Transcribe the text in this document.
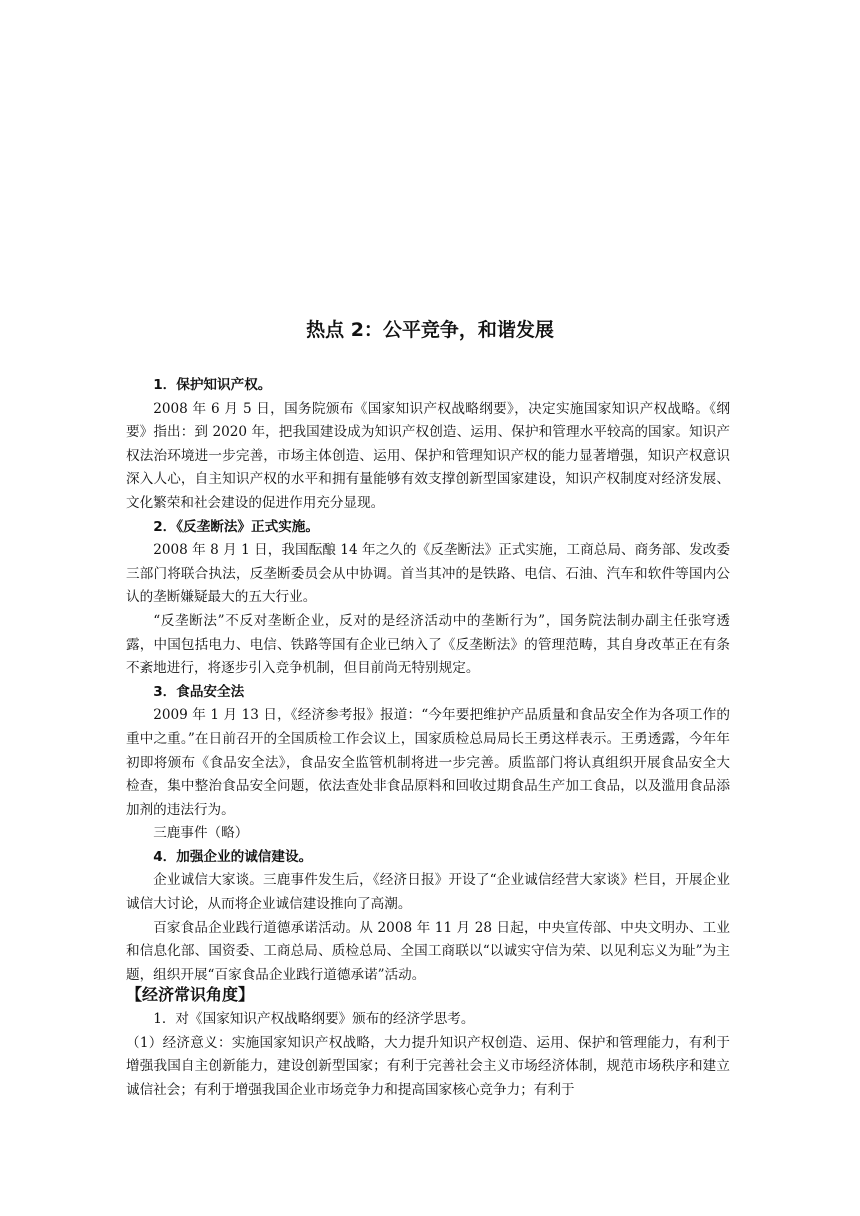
热点 2：公平竞争，和谐发展

1．保护知识产权。

2008 年 6 月 5 日，国务院颁布《国家知识产权战略纲要》，决定实施国家知识产权战略。《纲要》指出：到 2020 年，把我国建设成为知识产权创造、运用、保护和管理水平较高的国家。知识产权法治环境进一步完善，市场主体创造、运用、保护和管理知识产权的能力显著增强，知识产权意识深入人心，自主知识产权的水平和拥有量能够有效支撑创新型国家建设，知识产权制度对经济发展、文化繁荣和社会建设的促进作用充分显现。

2．《反垄断法》正式实施。

2008 年 8 月 1 日，我国酝酿 14 年之久的《反垄断法》正式实施，工商总局、商务部、发改委三部门将联合执法，反垄断委员会从中协调。首当其冲的是铁路、电信、石油、汽车和软件等国内公认的垄断嫌疑最大的五大行业。

“反垄断法”不反对垄断企业，反对的是经济活动中的垄断行为”，国务院法制办副主任张穹透露，中国包括电力、电信、铁路等国有企业已纳入了《反垄断法》的管理范畴，其自身改革正在有条不紊地进行，将逐步引入竞争机制，但目前尚无特别规定。

3．食品安全法

2009 年 1 月 13 日，《经济参考报》报道：“今年要把维护产品质量和食品安全作为各项工作的重中之重。”在日前召开的全国质检工作会议上，国家质检总局局长王勇这样表示。王勇透露，今年年初即将颁布《食品安全法》，食品安全监管机制将进一步完善。质监部门将认真组织开展食品安全大检查，集中整治食品安全问题，依法查处非食品原料和回收过期食品生产加工食品，以及滥用食品添加剂的违法行为。

三鹿事件（略）

4．加强企业的诚信建设。

企业诚信大家谈。三鹿事件发生后，《经济日报》开设了“企业诚信经营大家谈》栏目，开展企业诚信大讨论，从而将企业诚信建设推向了高潮。

百家食品企业践行道德承诺活动。从 2008 年 11 月 28 日起，中央宣传部、中央文明办、工业和信息化部、国资委、工商总局、质检总局、全国工商联以“以诚实守信为荣、以见利忘义为耻”为主题，组织开展“百家食品企业践行道德承诺”活动。

【经济常识角度】

1．对《国家知识产权战略纲要》颁布的经济学思考。

（1）经济意义：实施国家知识产权战略，大力提升知识产权创造、运用、保护和管理能力，有利于增强我国自主创新能力，建设创新型国家；有利于完善社会主义市场经济体制，规范市场秩序和建立诚信社会；有利于增强我国企业市场竞争力和提高国家核心竞争力；有利于
